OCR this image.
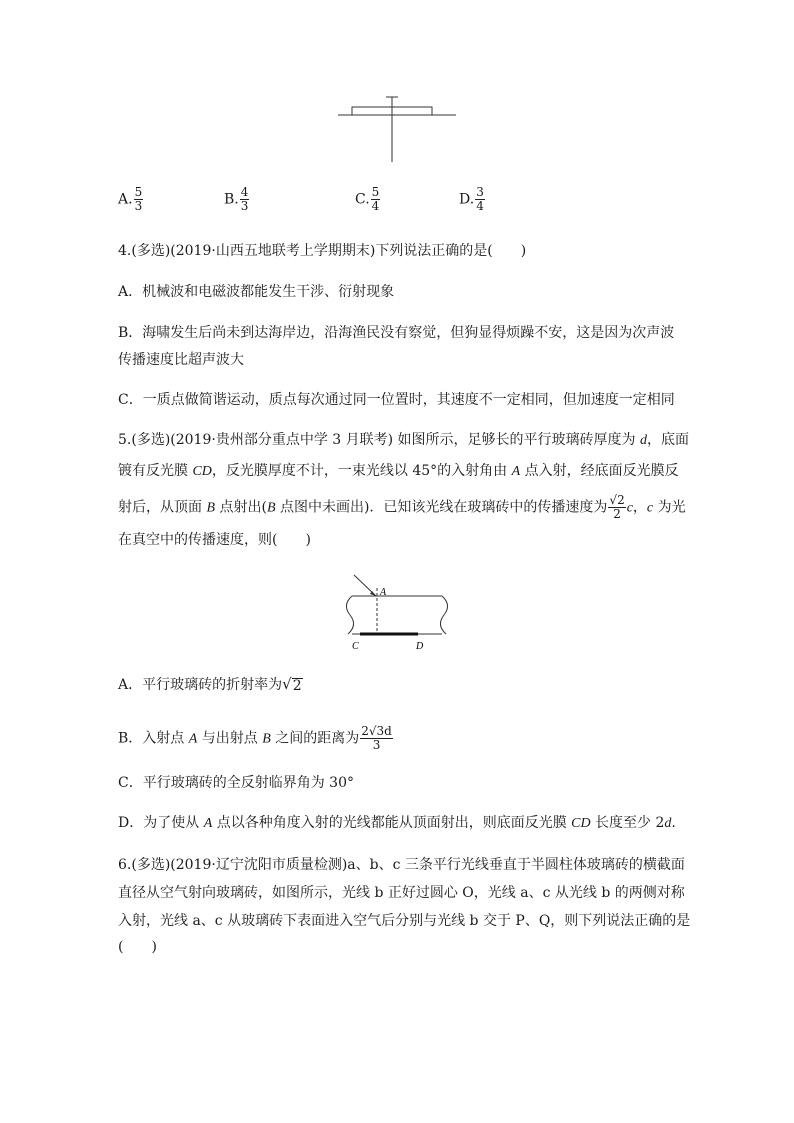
A. $\frac{5}{3}$	B. $\frac{4}{3}$	C. $\frac{5}{4}$	D. $\frac{3}{4}$
4.(多选)(2019·山西五地联考上学期期末)下列说法正确的是(　　)
A．机械波和电磁波都能发生干涉、衍射现象
B．海啸发生后尚未到达海岸边，沿海渔民没有察觉，但狗显得烦躁不安，这是因为次声波
传播速度比超声波大
C．一质点做简谐运动，质点每次通过同一位置时，其速度不一定相同，但加速度一定相同
5.(多选)(2019·贵州部分重点中学 3 月联考) 如图所示，足够长的平行玻璃砖厚度为 d，底面
镀有反光膜 CD，反光膜厚度不计，一束光线以 45°的入射角由 A 点入射，经底面反光膜反
射后，从顶面 B 点射出(B 点图中未画出)．已知该光线在玻璃砖中的传播速度为 $\frac{√2}{2}$ c，c 为光
在真空中的传播速度，则(　　)
A
C	D
A．平行玻璃砖的折射率为 √ 2
B．入射点 A 与出射点 B 之间的距离为 $\frac{2√3d}{3}$
C．平行玻璃砖的全反射临界角为 30°
D．为了使从 A 点以各种角度入射的光线都能从顶面射出，则底面反光膜 CD 长度至少 2d.
6.(多选)(2019·辽宁沈阳市质量检测)a、b、c 三条平行光线垂直于半圆柱体玻璃砖的横截面
直径从空气射向玻璃砖，如图所示，光线 b 正好过圆心 O，光线 a、c 从光线 b 的两侧对称
入射，光线 a、c 从玻璃砖下表面进入空气后分别与光线 b 交于 P、Q，则下列说法正确的是
(　　)
